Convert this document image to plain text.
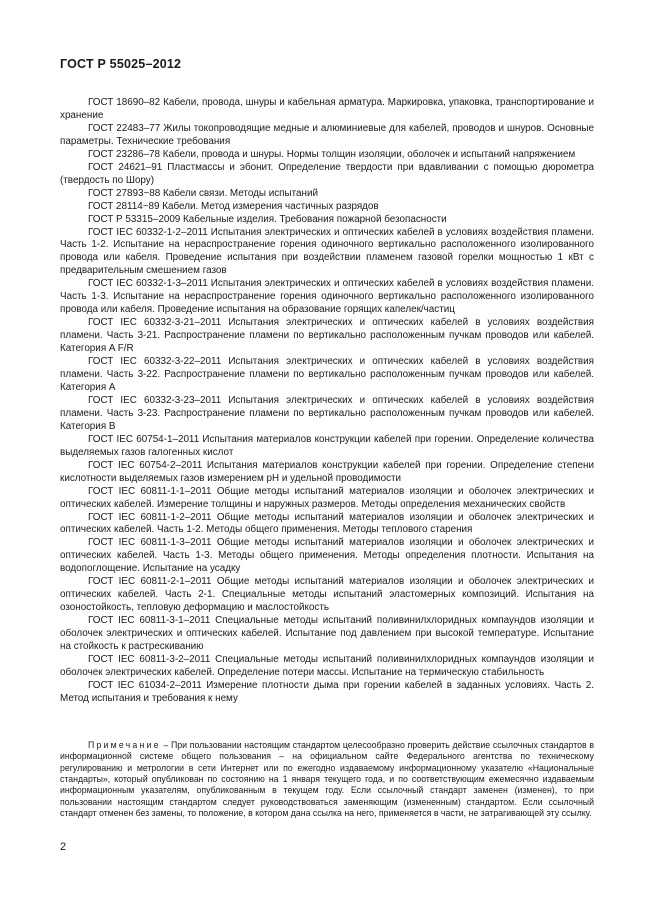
ГОСТ Р 55025–2012

ГОСТ 18690–82 Кабели, провода, шнуры и кабельная арматура. Маркировка, упаковка, транспортирование и хранение

ГОСТ 22483–77 Жилы токопроводящие медные и алюминиевые для кабелей, проводов и шнуров. Основные параметры. Технические требования

ГОСТ 23286–78 Кабели, провода и шнуры. Нормы толщин изоляции, оболочек и испытаний напряжением

ГОСТ 24621–91 Пластмассы и эбонит. Определение твердости при вдавливании с помощью дюрометра (твердость по Шору)

ГОСТ 27893−88 Кабели связи. Методы испытаний

ГОСТ 28114−89 Кабели. Метод измерения частичных разрядов

ГОСТ Р 53315–2009 Кабельные изделия. Требования пожарной безопасности

ГОСТ IEC 60332-1-2–2011 Испытания электрических и оптических кабелей в условиях воздействия пламени. Часть 1-2. Испытание на нераспространение горения одиночного вертикально расположенного изолированного провода или кабеля. Проведение испытания при воздействии пламенем газовой горелки мощностью 1 кВт с предварительным смешением газов

ГОСТ IEC 60332-1-3–2011 Испытания электрических и оптических кабелей в условиях воздействия пламени. Часть 1-3. Испытание на нераспространение горения одиночного вертикально расположенного изолированного провода или кабеля. Проведение испытания на образование горящих капелек/частиц

ГОСТ IEC 60332-3-21–2011 Испытания электрических и оптических кабелей в условиях воздействия пламени. Часть 3-21. Распространение пламени по вертикально расположенным пучкам проводов или кабелей. Категория A F/R

ГОСТ IEC 60332-3-22–2011 Испытания электрических и оптических кабелей в условиях воздействия пламени. Часть 3-22. Распространение пламени по вертикально расположенным пучкам проводов или кабелей. Категория А

ГОСТ IEC 60332-3-23–2011 Испытания электрических и оптических кабелей в условиях воздействия пламени. Часть 3-23. Распространение пламени по вертикально расположенным пучкам проводов или кабелей. Категория В

ГОСТ IEC 60754-1–2011 Испытания материалов конструкции кабелей при горении. Определение количества выделяемых газов галогенных кислот

ГОСТ IEC 60754-2–2011 Испытания материалов конструкции кабелей при горении. Определение степени кислотности выделяемых газов измерением pH и удельной проводимости

ГОСТ IEC 60811-1-1–2011 Общие методы испытаний материалов изоляции и оболочек электрических и оптических кабелей. Измерение толщины и наружных размеров. Методы определения механических свойств

ГОСТ IEC 60811-1-2–2011 Общие методы испытаний материалов изоляции и оболочек электрических и оптических кабелей. Часть 1-2. Методы общего применения. Методы теплового старения

ГОСТ IEC 60811-1-3–2011 Общие методы испытаний материалов изоляции и оболочек электрических и оптических кабелей. Часть 1-3. Методы общего применения. Методы определения плотности. Испытания на водопоглощение. Испытание на усадку

ГОСТ IEC 60811-2-1–2011 Общие методы испытаний материалов изоляции и оболочек электрических и оптических кабелей. Часть 2-1. Специальные методы испытаний эластомерных композиций. Испытания на озоностойкость, тепловую деформацию и маслостойкость

ГОСТ IEC 60811-3-1–2011 Специальные методы испытаний поливинилхлоридных компаундов изоляции и оболочек электрических и оптических кабелей. Испытание под давлением при высокой температуре. Испытание на стойкость к растрескиванию

ГОСТ IEC 60811-3-2–2011 Специальные методы испытаний поливинилхлоридных компаундов изоляции и оболочек электрических кабелей. Определение потери массы. Испытание на термическую стабильность

ГОСТ IEC 61034-2–2011 Измерение плотности дыма при горении кабелей в заданных условиях. Часть 2. Метод испытания и требования к нему

Примечание – При пользовании настоящим стандартом целесообразно проверить действие ссылочных стандартов в информационной системе общего пользования – на официальном сайте Федерального агентства по техническому регулированию и метрологии в сети Интернет или по ежегодно издаваемому информационному указателю «Национальные стандарты», который опубликован по состоянию на 1 января текущего года, и по соответствующим ежемесячно издаваемым информационным указателям, опубликованным в текущем году. Если ссылочный стандарт заменен (изменен), то при пользовании настоящим стандартом следует руководствоваться заменяющим (измененным) стандартом. Если ссылочный стандарт отменен без замены, то положение, в котором дана ссылка на него, применяется в части, не затрагивающей эту ссылку.

2
